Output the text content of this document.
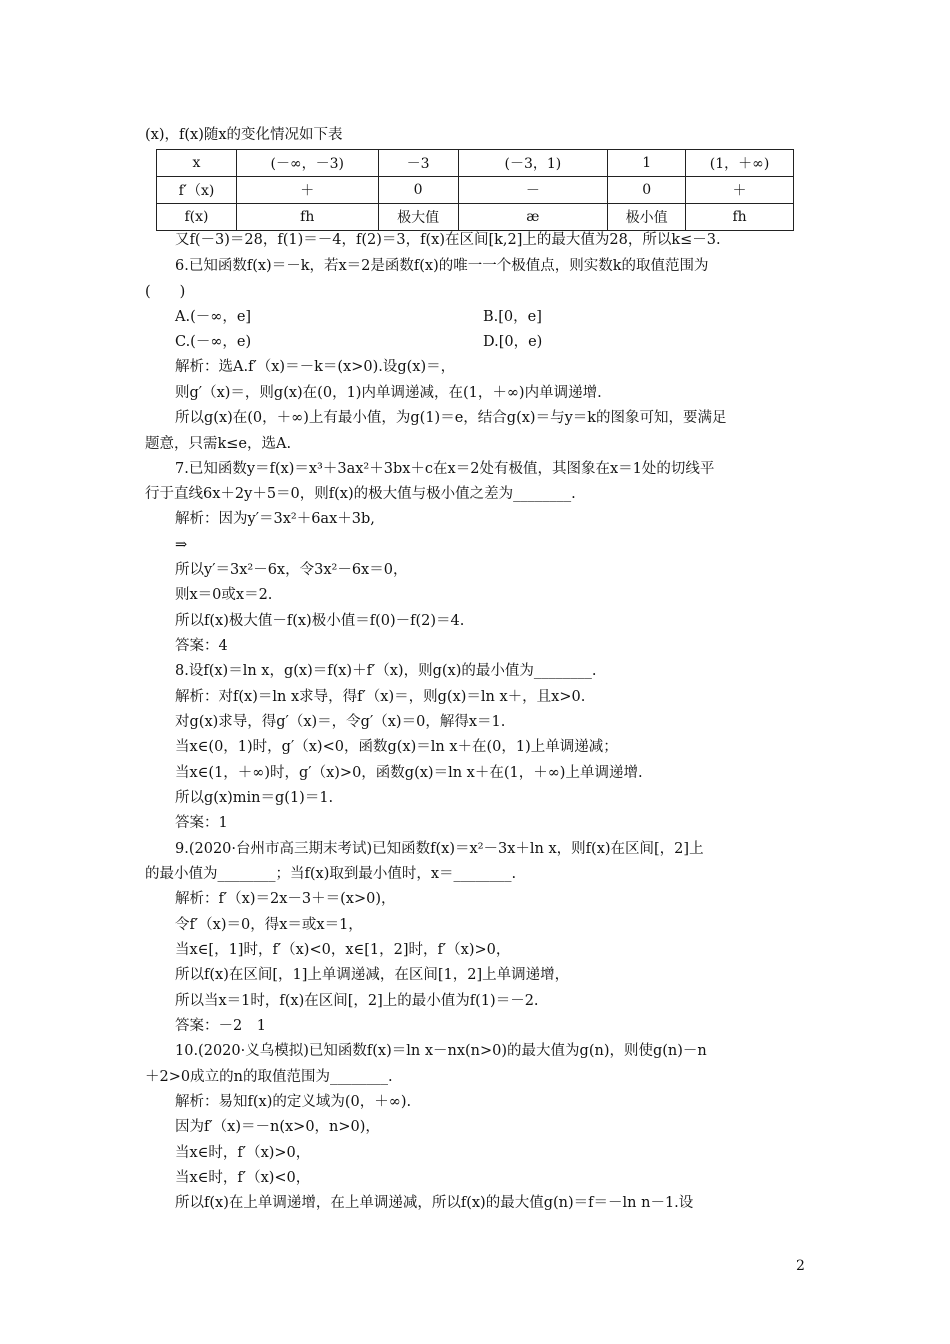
(x)，f(x)随x的变化情况如下表
x	(－∞，－3)	－3	(－3，1)	1	(1，＋∞)
f′（x)	＋	0	－	0	＋
f(x)	fh	极大值	æ	极小值	fh
又f(－3)＝28，f(1)＝－4，f(2)＝3，f(x)在区间[k,2]上的最大值为28，所以k≤－3.
6.已知函数f(x)＝－k，若x＝2是函数f(x)的唯一一个极值点，则实数k的取值范围为
(　　)
A.(－∞，e]	B.[0，e]
C.(－∞，e)	D.[0，e)
解析：选A.f′（x)＝－k＝(x>0).设g(x)＝，
则g′（x)＝，则g(x)在(0，1)内单调递减，在(1，＋∞)内单调递增.
所以g(x)在(0，＋∞)上有最小值，为g(1)＝e，结合g(x)＝与y＝k的图象可知，要满足
题意，只需k≤e，选A.
7.已知函数y＝f(x)＝x³＋3ax²＋3bx＋c在x＝2处有极值，其图象在x＝1处的切线平
行于直线6x＋2y＋5＝0，则f(x)的极大值与极小值之差为________.
解析：因为y′＝3x²＋6ax＋3b,
⇒
所以y′＝3x²－6x，令3x²－6x＝0，
则x＝0或x＝2.
所以f(x)极大值－f(x)极小值＝f(0)－f(2)＝4.
答案：4
8.设f(x)＝ln x，g(x)＝f(x)＋f′（x)，则g(x)的最小值为________.
解析：对f(x)＝ln x求导，得f′（x)＝，则g(x)＝ln x＋，且x>0.
对g(x)求导，得g′（x)＝，令g′（x)＝0，解得x＝1.
当x∈(0，1)时，g′（x)<0，函数g(x)＝ln x＋在(0，1)上单调递减；
当x∈(1，＋∞)时，g′（x)>0，函数g(x)＝ln x＋在(1，＋∞)上单调递增.
所以g(x)min＝g(1)＝1.
答案：1
9.(2020·台州市高三期末考试)已知函数f(x)＝x²－3x＋ln x，则f(x)在区间[，2]上
的最小值为________；当f(x)取到最小值时，x＝________.
解析：f′（x)＝2x－3＋＝(x>0)，
令f′（x)＝0，得x＝或x＝1，
当x∈[，1]时，f′（x)<0，x∈[1，2]时，f′（x)>0，
所以f(x)在区间[，1]上单调递减，在区间[1，2]上单调递增，
所以当x＝1时，f(x)在区间[，2]上的最小值为f(1)＝－2.
答案：－2　1
10.(2020·义乌模拟)已知函数f(x)＝ln x－nx(n>0)的最大值为g(n)，则使g(n)－n
＋2>0成立的n的取值范围为________.
解析：易知f(x)的定义域为(0，＋∞).
因为f′（x)＝－n(x>0，n>0)，
当x∈时，f′（x)>0，
当x∈时，f′（x)<0，
所以f(x)在上单调递增，在上单调递减，所以f(x)的最大值g(n)＝f＝－ln n－1.设
2
